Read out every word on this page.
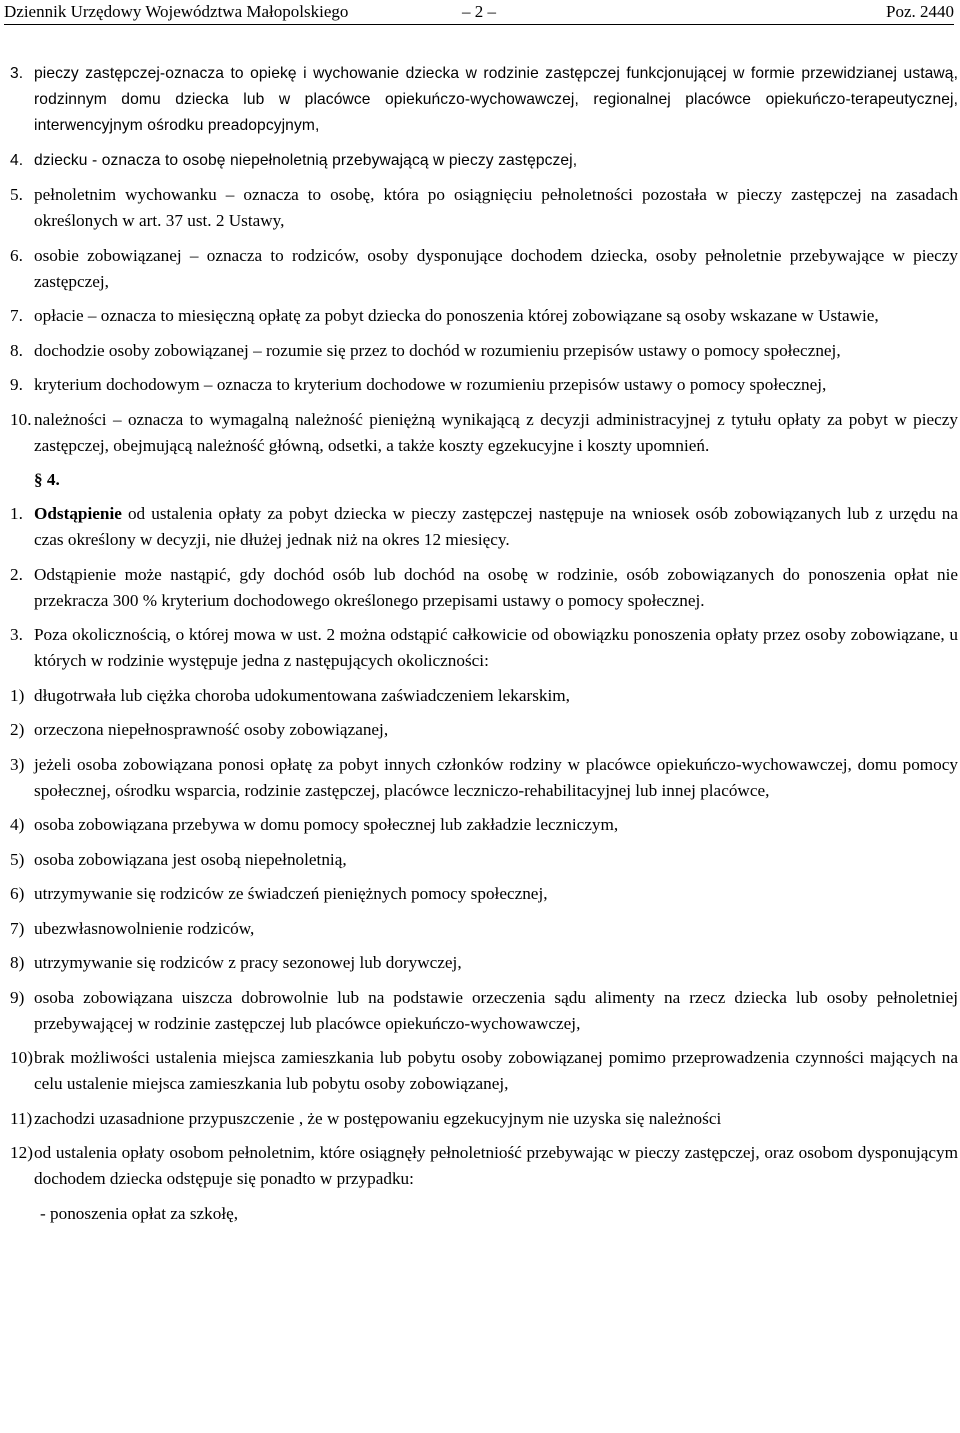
Dziennik Urzędowy Województwa Małopolskiego	– 2 –	Poz. 2440
3. pieczy zastępczej-oznacza to opiekę i wychowanie dziecka w rodzinie zastępczej funkcjonującej w formie przewidzianej ustawą, rodzinnym domu dziecka lub w placówce opiekuńczo-wychowawczej, regionalnej placówce opiekuńczo-terapeutycznej, interwencyjnym ośrodku preadopcyjnym,
4. dziecku - oznacza to osobę niepełnoletnią przebywającą w pieczy zastępczej,
5. pełnoletnim wychowanku – oznacza to osobę, która po osiągnięciu pełnoletności pozostała w pieczy zastępczej na zasadach określonych w art. 37 ust. 2 Ustawy,
6. osobie zobowiązanej – oznacza to rodziców, osoby dysponujące dochodem dziecka, osoby pełnoletnie przebywające w pieczy zastępczej,
7. opłacie – oznacza to miesięczną opłatę za pobyt dziecka do ponoszenia której zobowiązane są osoby wskazane w Ustawie,
8. dochodzie osoby zobowiązanej – rozumie się przez to dochód w rozumieniu przepisów ustawy o pomocy społecznej,
9. kryterium dochodowym – oznacza to kryterium dochodowe w rozumieniu przepisów ustawy o pomocy społecznej,
10. należności – oznacza to wymagalną należność pieniężną wynikającą z decyzji administracyjnej z tytułu opłaty za pobyt w pieczy zastępczej, obejmującą należność główną, odsetki, a także koszty egzekucyjne i koszty upomnień.
§ 4.
1. Odstąpienie od ustalenia opłaty za pobyt dziecka w pieczy zastępczej następuje na wniosek osób zobowiązanych lub z urzędu na czas określony w decyzji, nie dłużej jednak niż na okres 12 miesięcy.
2. Odstąpienie może nastąpić, gdy dochód osób lub dochód na osobę w rodzinie, osób zobowiązanych do ponoszenia opłat nie przekracza 300 % kryterium dochodowego określonego przepisami ustawy o pomocy społecznej.
3. Poza okolicznością, o której mowa w ust. 2 można odstąpić całkowicie od obowiązku ponoszenia opłaty przez osoby zobowiązane, u których w rodzinie występuje jedna z następujących okoliczności:
1) długotrwała lub ciężka choroba udokumentowana zaświadczeniem lekarskim,
2) orzeczona niepełnosprawność osoby zobowiązanej,
3) jeżeli osoba zobowiązana ponosi opłatę za pobyt innych członków rodziny w placówce opiekuńczo-wychowawczej, domu pomocy społecznej, ośrodku wsparcia, rodzinie zastępczej, placówce leczniczo-rehabilitacyjnej lub innej placówce,
4) osoba zobowiązana przebywa w domu pomocy społecznej lub zakładzie leczniczym,
5) osoba zobowiązana jest osobą niepełnoletnią,
6) utrzymywanie się rodziców ze świadczeń pieniężnych pomocy społecznej,
7) ubezwłasnowolnienie rodziców,
8) utrzymywanie się rodziców z pracy sezonowej lub dorywczej,
9) osoba zobowiązana uiszcza dobrowolnie lub na podstawie orzeczenia sądu alimenty na rzecz dziecka lub osoby pełnoletniej przebywającej w rodzinie zastępczej lub placówce opiekuńczo-wychowawczej,
10) brak możliwości ustalenia miejsca zamieszkania lub pobytu osoby zobowiązanej pomimo przeprowadzenia czynności mających na celu ustalenie miejsca zamieszkania lub pobytu osoby zobowiązanej,
11) zachodzi uzasadnione przypuszczenie , że w postępowaniu egzekucyjnym nie uzyska się należności
12) od ustalenia opłaty osobom pełnoletnim, które osiągnęły pełnoletniość przebywając w pieczy zastępczej, oraz osobom dysponującym dochodem dziecka odstępuje się ponadto w przypadku:
- ponoszenia opłat za szkołę,
